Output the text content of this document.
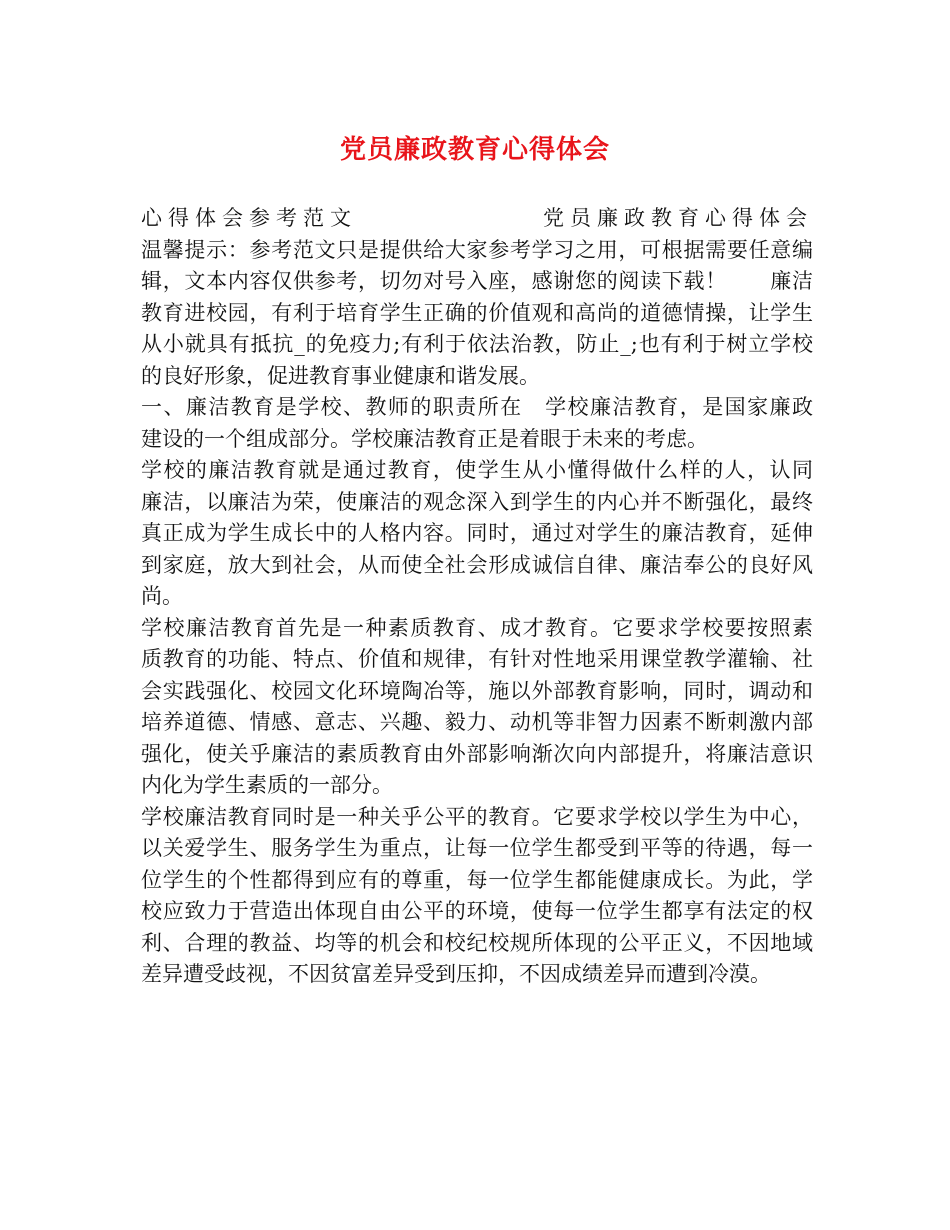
党员廉政教育心得体会
心得体会参考范文	党员廉政教育心得体会
温馨提示：参考范文只是提供给大家参考学习之用，可根据需要任意编
辑，文本内容仅供参考，切勿对号入座，感谢您的阅读下载！　　廉洁
教育进校园，有利于培育学生正确的价值观和高尚的道德情操，让学生
从小就具有抵抗_的免疫力;有利于依法治教，防止_;也有利于树立学校
的良好形象，促进教育事业健康和谐发展。
一、廉洁教育是学校、教师的职责所在　学校廉洁教育，是国家廉政
建设的一个组成部分。学校廉洁教育正是着眼于未来的考虑。
学校的廉洁教育就是通过教育，使学生从小懂得做什么样的人，认同
廉洁，以廉洁为荣，使廉洁的观念深入到学生的内心并不断强化，最终
真正成为学生成长中的人格内容。同时，通过对学生的廉洁教育，延伸
到家庭，放大到社会，从而使全社会形成诚信自律、廉洁奉公的良好风
尚。
学校廉洁教育首先是一种素质教育、成才教育。它要求学校要按照素
质教育的功能、特点、价值和规律，有针对性地采用课堂教学灌输、社
会实践强化、校园文化环境陶冶等，施以外部教育影响，同时，调动和
培养道德、情感、意志、兴趣、毅力、动机等非智力因素不断刺激内部
强化，使关乎廉洁的素质教育由外部影响渐次向内部提升，将廉洁意识
内化为学生素质的一部分。
学校廉洁教育同时是一种关乎公平的教育。它要求学校以学生为中心，
以关爱学生、服务学生为重点，让每一位学生都受到平等的待遇，每一
位学生的个性都得到应有的尊重，每一位学生都能健康成长。为此，学
校应致力于营造出体现自由公平的环境，使每一位学生都享有法定的权
利、合理的教益、均等的机会和校纪校规所体现的公平正义，不因地域
差异遭受歧视，不因贫富差异受到压抑，不因成绩差异而遭到冷漠。
